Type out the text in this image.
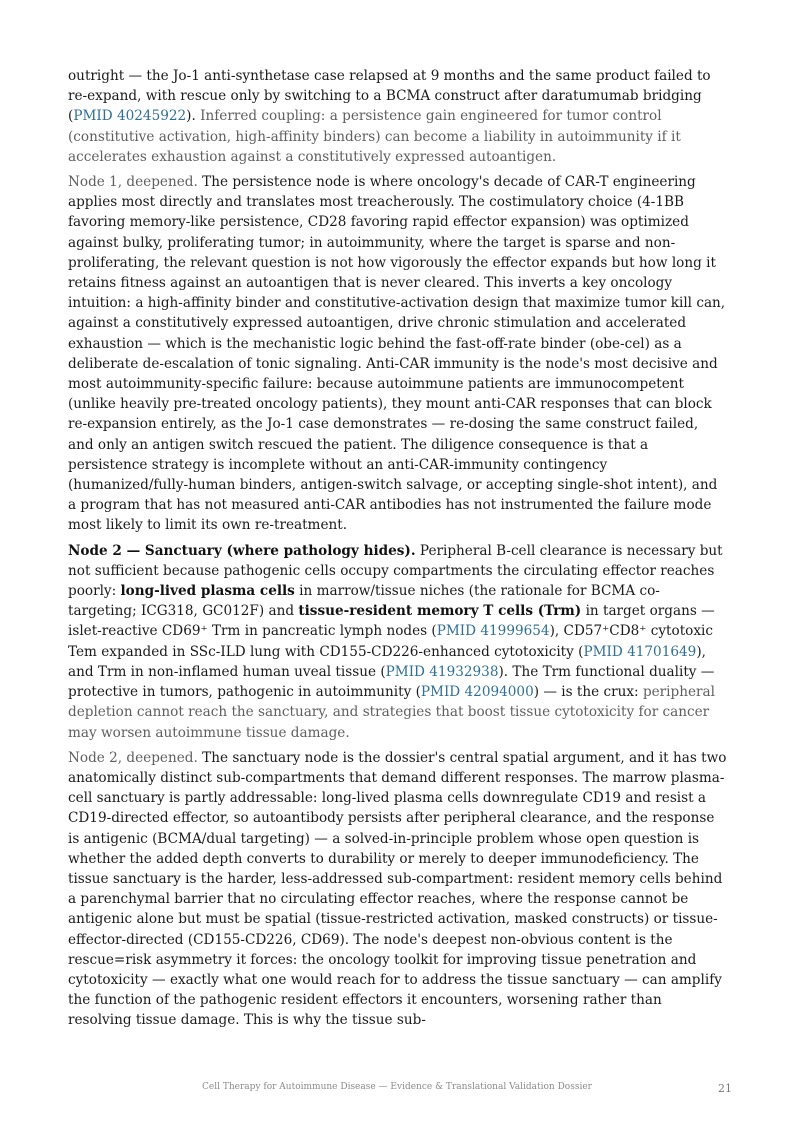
outright — the Jo-1 anti-synthetase case relapsed at 9 months and the same product failed to re-expand, with rescue only by switching to a BCMA construct after daratumumab bridging (PMID 40245922). Inferred coupling: a persistence gain engineered for tumor control (constitutive activation, high-affinity binders) can become a liability in autoimmunity if it accelerates exhaustion against a constitutively expressed autoantigen.

Node 1, deepened. The persistence node is where oncology's decade of CAR-T engineering applies most directly and translates most treacherously. The costimulatory choice (4-1BB favoring memory-like persistence, CD28 favoring rapid effector expansion) was optimized against bulky, proliferating tumor; in autoimmunity, where the target is sparse and non-proliferating, the relevant question is not how vigorously the effector expands but how long it retains fitness against an autoantigen that is never cleared. This inverts a key oncology intuition: a high-affinity binder and constitutive-activation design that maximize tumor kill can, against a constitutively expressed autoantigen, drive chronic stimulation and accelerated exhaustion — which is the mechanistic logic behind the fast-off-rate binder (obe-cel) as a deliberate de-escalation of tonic signaling. Anti-CAR immunity is the node's most decisive and most autoimmunity-specific failure: because autoimmune patients are immunocompetent (unlike heavily pre-treated oncology patients), they mount anti-CAR responses that can block re-expansion entirely, as the Jo-1 case demonstrates — re-dosing the same construct failed, and only an antigen switch rescued the patient. The diligence consequence is that a persistence strategy is incomplete without an anti-CAR-immunity contingency (humanized/fully-human binders, antigen-switch salvage, or accepting single-shot intent), and a program that has not measured anti-CAR antibodies has not instrumented the failure mode most likely to limit its own re-treatment.

Node 2 — Sanctuary (where pathology hides). Peripheral B-cell clearance is necessary but not sufficient because pathogenic cells occupy compartments the circulating effector reaches poorly: long-lived plasma cells in marrow/tissue niches (the rationale for BCMA co-targeting; ICG318, GC012F) and tissue-resident memory T cells (Trm) in target organs — islet-reactive CD69⁺ Trm in pancreatic lymph nodes (PMID 41999654), CD57⁺CD8⁺ cytotoxic Tem expanded in SSc-ILD lung with CD155-CD226-enhanced cytotoxicity (PMID 41701649), and Trm in non-inflamed human uveal tissue (PMID 41932938). The Trm functional duality — protective in tumors, pathogenic in autoimmunity (PMID 42094000) — is the crux: peripheral depletion cannot reach the sanctuary, and strategies that boost tissue cytotoxicity for cancer may worsen autoimmune tissue damage.

Node 2, deepened. The sanctuary node is the dossier's central spatial argument, and it has two anatomically distinct sub-compartments that demand different responses. The marrow plasma-cell sanctuary is partly addressable: long-lived plasma cells downregulate CD19 and resist a CD19-directed effector, so autoantibody persists after peripheral clearance, and the response is antigenic (BCMA/dual targeting) — a solved-in-principle problem whose open question is whether the added depth converts to durability or merely to deeper immunodeficiency. The tissue sanctuary is the harder, less-addressed sub-compartment: resident memory cells behind a parenchymal barrier that no circulating effector reaches, where the response cannot be antigenic alone but must be spatial (tissue-restricted activation, masked constructs) or tissue-effector-directed (CD155-CD226, CD69). The node's deepest non-obvious content is the rescue=risk asymmetry it forces: the oncology toolkit for improving tissue penetration and cytotoxicity — exactly what one would reach for to address the tissue sanctuary — can amplify the function of the pathogenic resident effectors it encounters, worsening rather than resolving tissue damage. This is why the tissue sub-

Cell Therapy for Autoimmune Disease — Evidence & Translational Validation Dossier	21
